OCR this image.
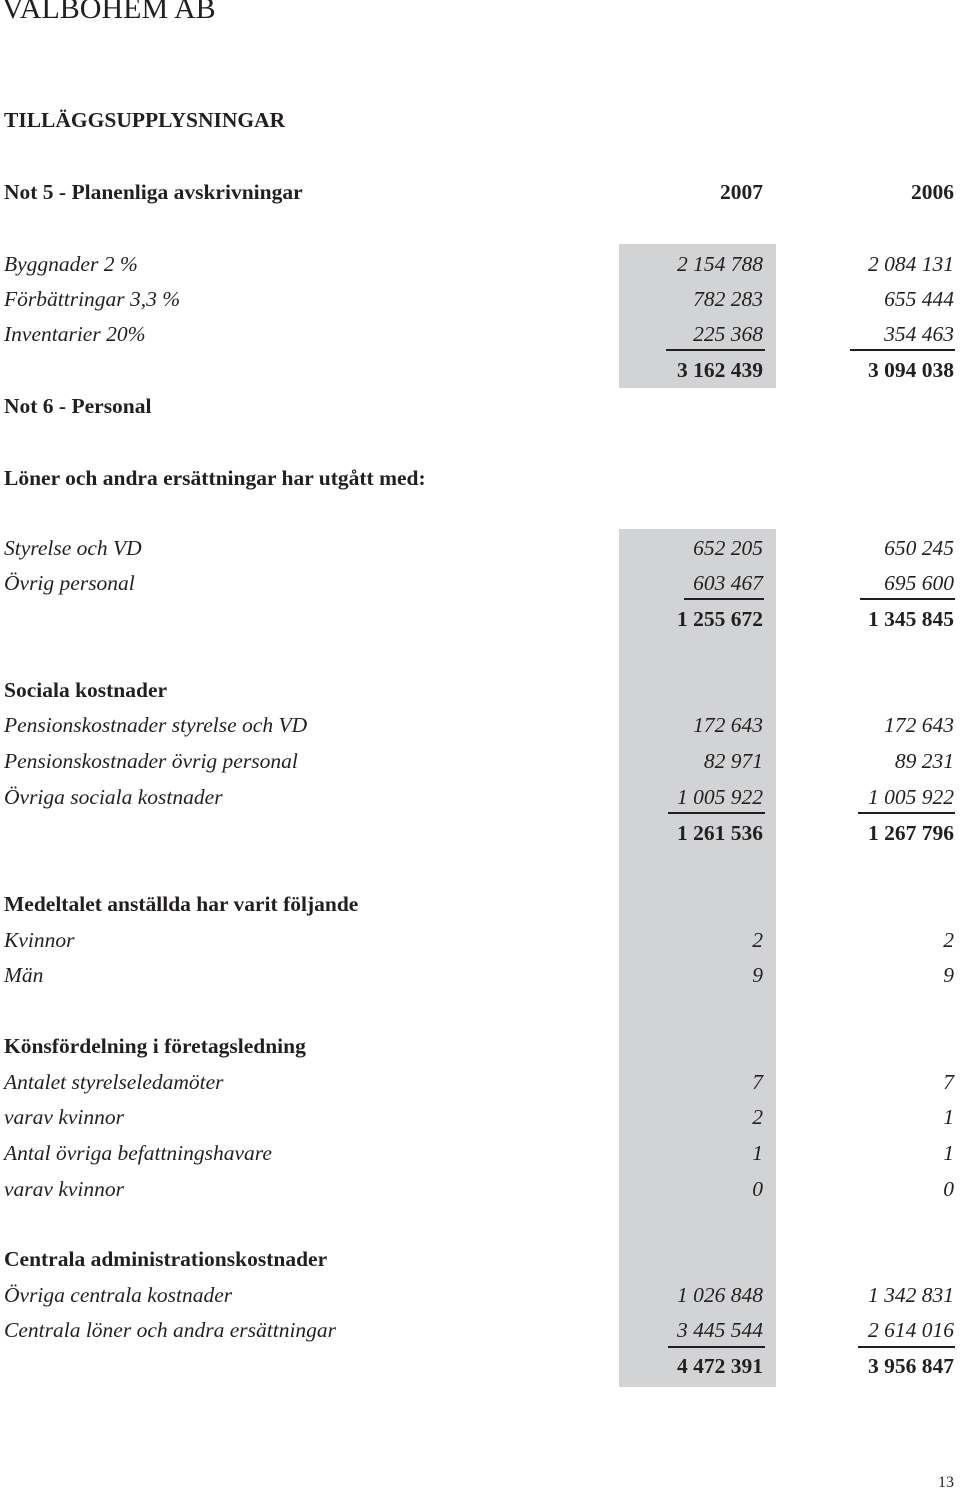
VALBOHEM AB
TILLÄGGSUPPLYSNINGAR
Not 5 - Planenliga avskrivningar	2007	2006
Byggnader 2 %	2 154 788	2 084 131
Förbättringar 3,3 %	782 283	655 444
Inventarier 20%	225 368	354 463
3 162 439	3 094 038
Not 6 - Personal
Löner och andra ersättningar har utgått med:
Styrelse och VD	652 205	650 245
Övrig personal	603 467	695 600
1 255 672	1 345 845
Sociala kostnader
Pensionskostnader styrelse och VD	172 643	172 643
Pensionskostnader övrig personal	82 971	89 231
Övriga sociala kostnader	1 005 922	1 005 922
1 261 536	1 267 796
Medeltalet anställda har varit följande
Kvinnor	2	2
Män	9	9
Könsfördelning i företagsledning
Antalet styrelseledamöter	7	7
varav kvinnor	2	1
Antal övriga befattningshavare	1	1
varav kvinnor	0	0
Centrala administrationskostnader
Övriga centrala kostnader	1 026 848	1 342 831
Centrala löner och andra ersättningar	3 445 544	2 614 016
4 472 391	3 956 847
13
